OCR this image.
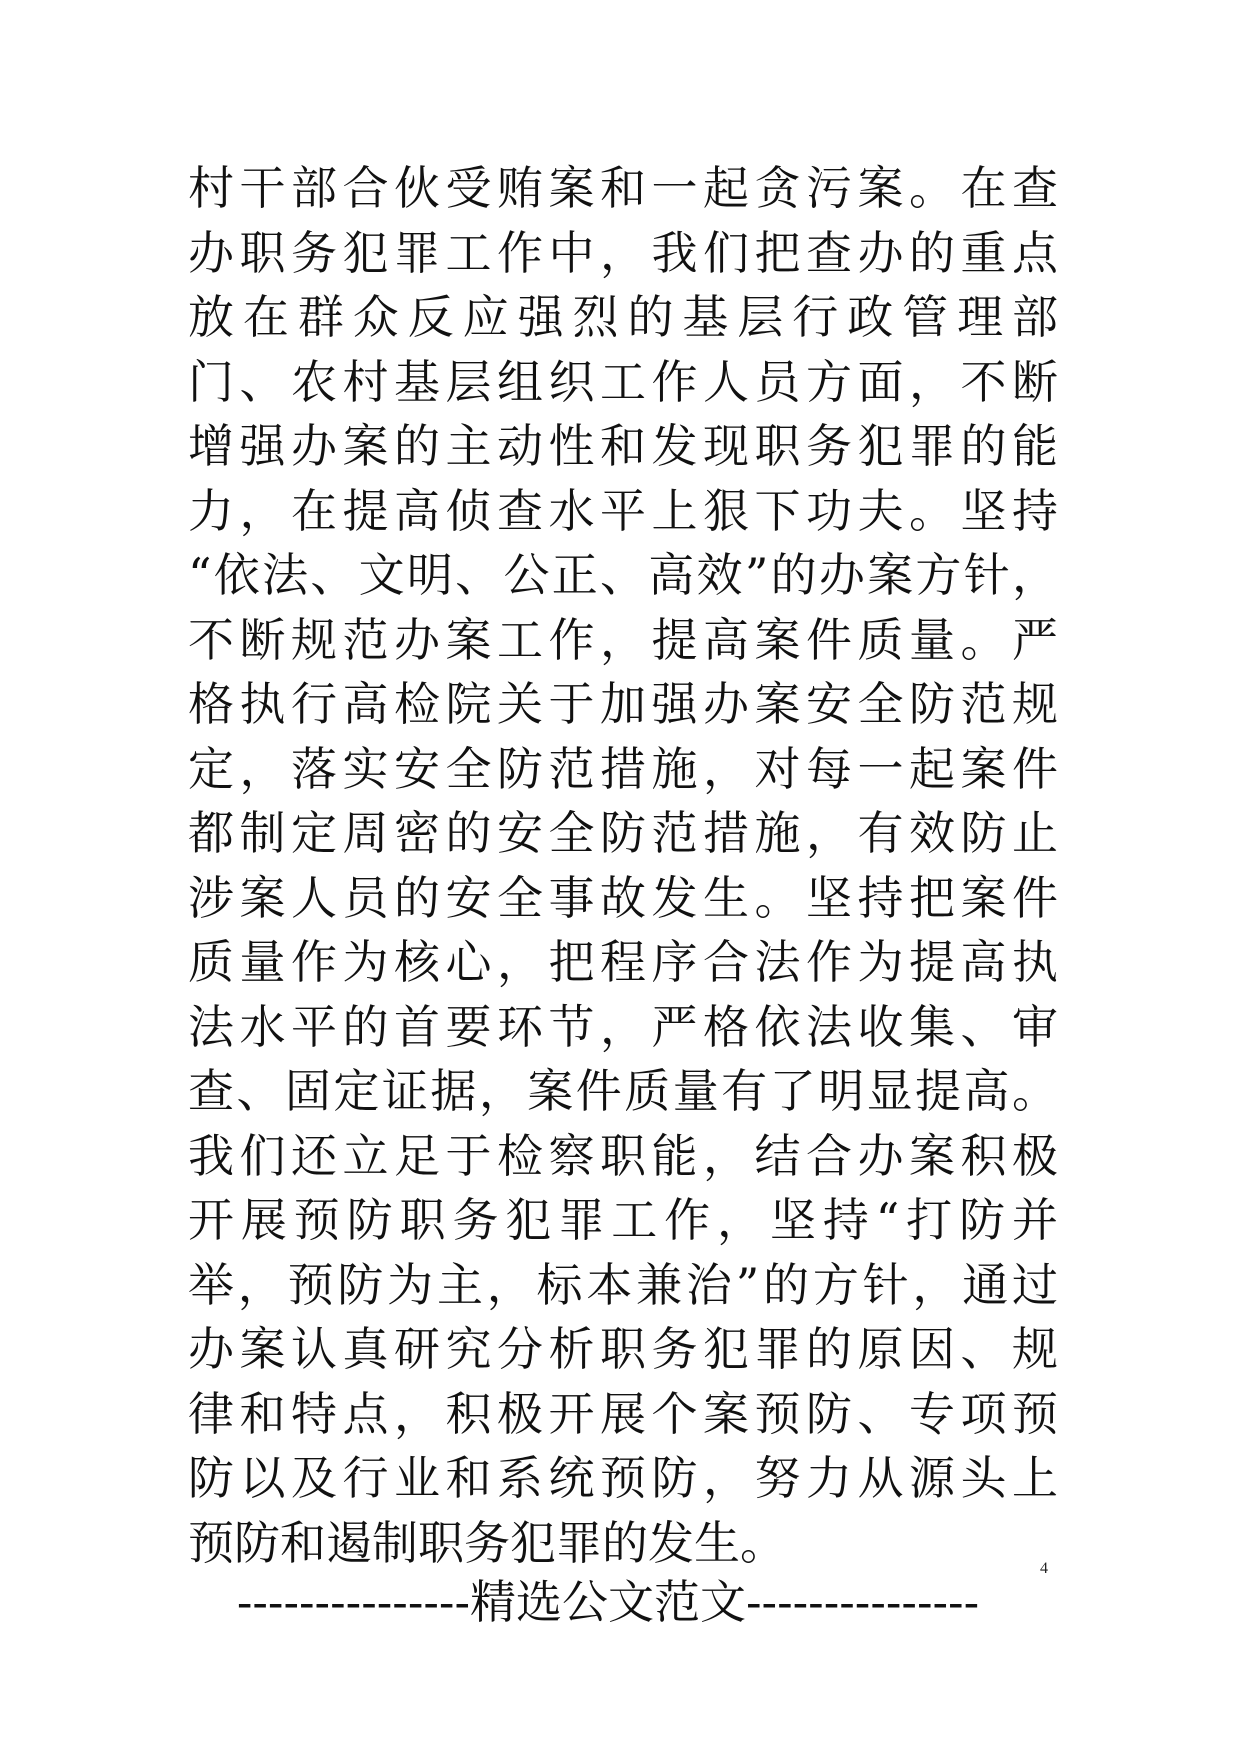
村干部合伙受贿案和一起贪污案。在查
办职务犯罪工作中，我们把查办的重点
放在群众反应强烈的基层行政管理部
门、农村基层组织工作人员方面，不断
增强办案的主动性和发现职务犯罪的能
力，在提高侦查水平上狠下功夫。坚持
“依法、文明、公正、高效”的办案方针，
不断规范办案工作，提高案件质量。严
格执行高检院关于加强办案安全防范规
定，落实安全防范措施，对每一起案件
都制定周密的安全防范措施，有效防止
涉案人员的安全事故发生。坚持把案件
质量作为核心，把程序合法作为提高执
法水平的首要环节，严格依法收集、审
查、固定证据，案件质量有了明显提高。
我们还立足于检察职能，结合办案积极
开展预防职务犯罪工作，坚持“打防并
举，预防为主，标本兼治”的方针，通过
办案认真研究分析职务犯罪的原因、规
律和特点，积极开展个案预防、专项预
防以及行业和系统预防，努力从源头上
预防和遏制职务犯罪的发生。
---------------精选公文范文---------------
4
